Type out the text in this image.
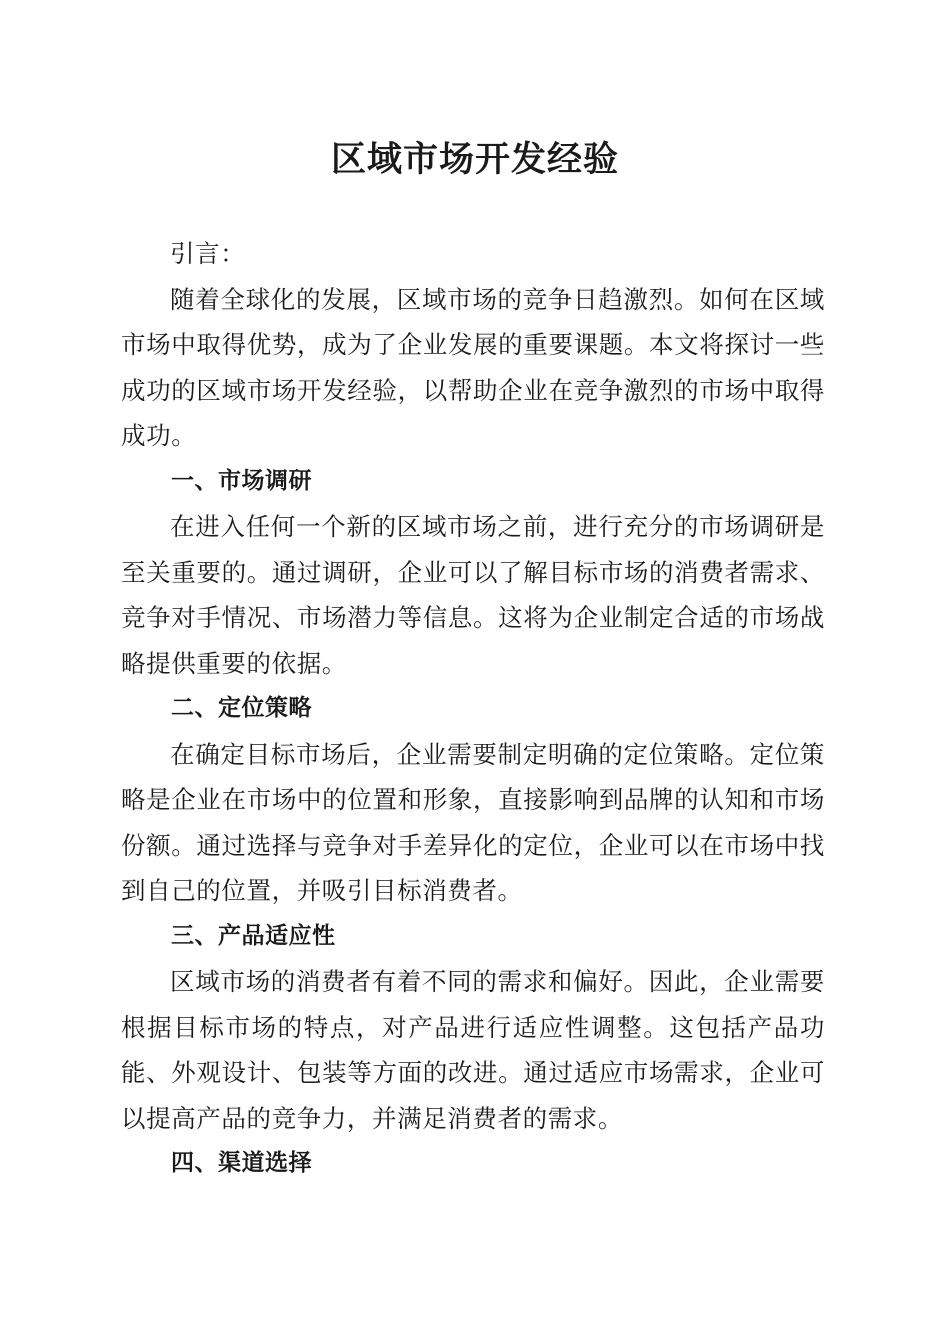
区域市场开发经验

引言：

随着全球化的发展，区域市场的竞争日趋激烈。如何在区域市场中取得优势，成为了企业发展的重要课题。本文将探讨一些成功的区域市场开发经验，以帮助企业在竞争激烈的市场中取得成功。

一、市场调研

在进入任何一个新的区域市场之前，进行充分的市场调研是至关重要的。通过调研，企业可以了解目标市场的消费者需求、竞争对手情况、市场潜力等信息。这将为企业制定合适的市场战略提供重要的依据。

二、定位策略

在确定目标市场后，企业需要制定明确的定位策略。定位策略是企业在市场中的位置和形象，直接影响到品牌的认知和市场份额。通过选择与竞争对手差异化的定位，企业可以在市场中找到自己的位置，并吸引目标消费者。

三、产品适应性

区域市场的消费者有着不同的需求和偏好。因此，企业需要根据目标市场的特点，对产品进行适应性调整。这包括产品功能、外观设计、包装等方面的改进。通过适应市场需求，企业可以提高产品的竞争力，并满足消费者的需求。

四、渠道选择
